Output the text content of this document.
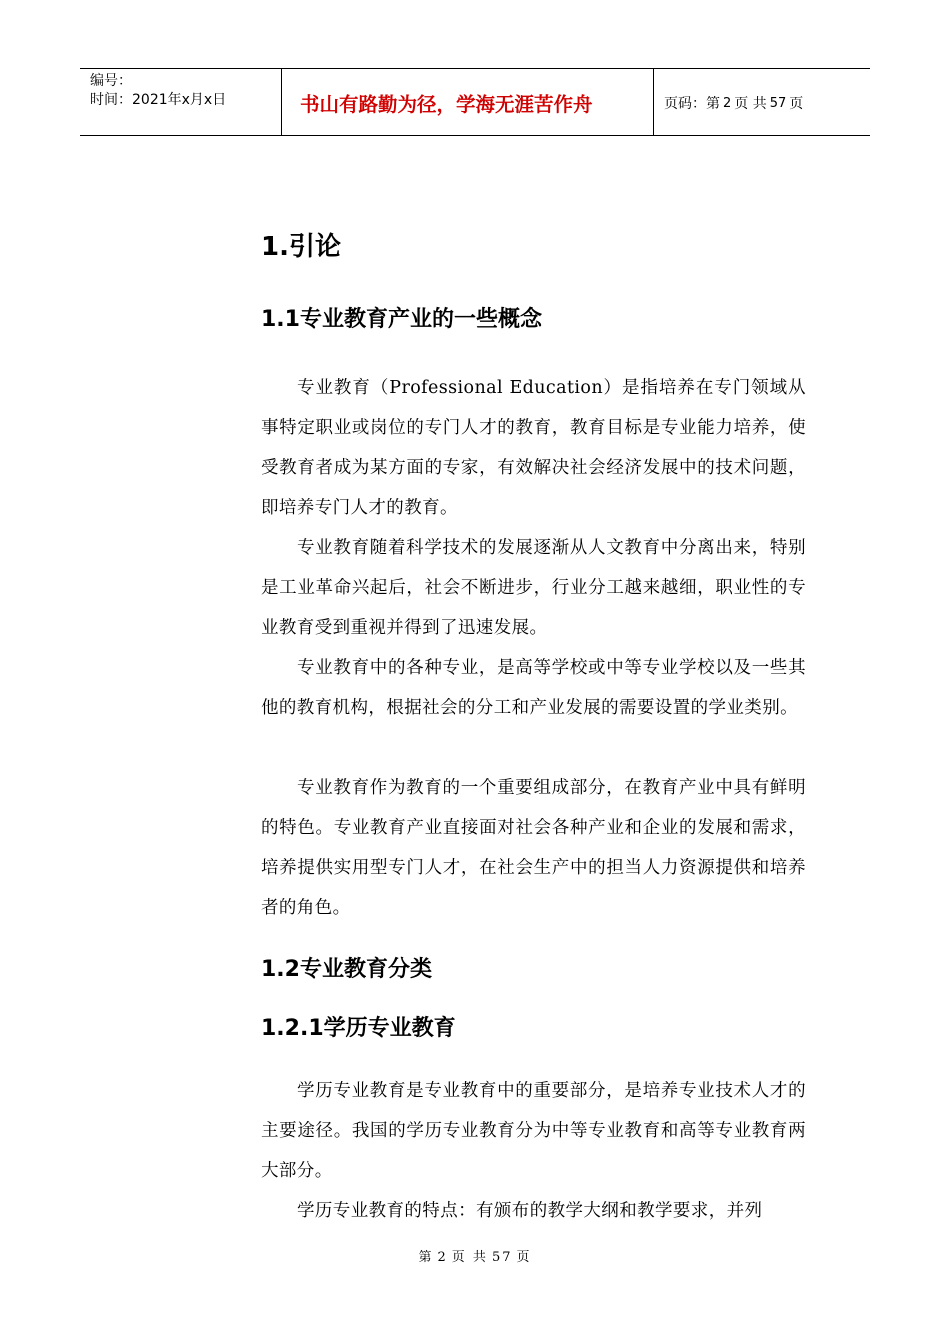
编号：
时间：2021年x月x日	书山有路勤为径，学海无涯苦作舟	页码：第 2 页 共 57 页
1.引论
1.1专业教育产业的一些概念
专业教育（Professional Education）是指培养在专门领域从事特定职业或岗位的专门人才的教育，教育目标是专业能力培养，使受教育者成为某方面的专家，有效解决社会经济发展中的技术问题，即培养专门人才的教育。
专业教育随着科学技术的发展逐渐从人文教育中分离出来，特别是工业革命兴起后，社会不断进步，行业分工越来越细，职业性的专业教育受到重视并得到了迅速发展。
专业教育中的各种专业，是高等学校或中等专业学校以及一些其他的教育机构，根据社会的分工和产业发展的需要设置的学业类别。
专业教育作为教育的一个重要组成部分，在教育产业中具有鲜明的特色。专业教育产业直接面对社会各种产业和企业的发展和需求，培养提供实用型专门人才，在社会生产中的担当人力资源提供和培养者的角色。
1.2专业教育分类
1.2.1学历专业教育
学历专业教育是专业教育中的重要部分，是培养专业技术人才的主要途径。我国的学历专业教育分为中等专业教育和高等专业教育两大部分。
学历专业教育的特点：有颁布的教学大纲和教学要求，并列
第 2 页 共 57 页
